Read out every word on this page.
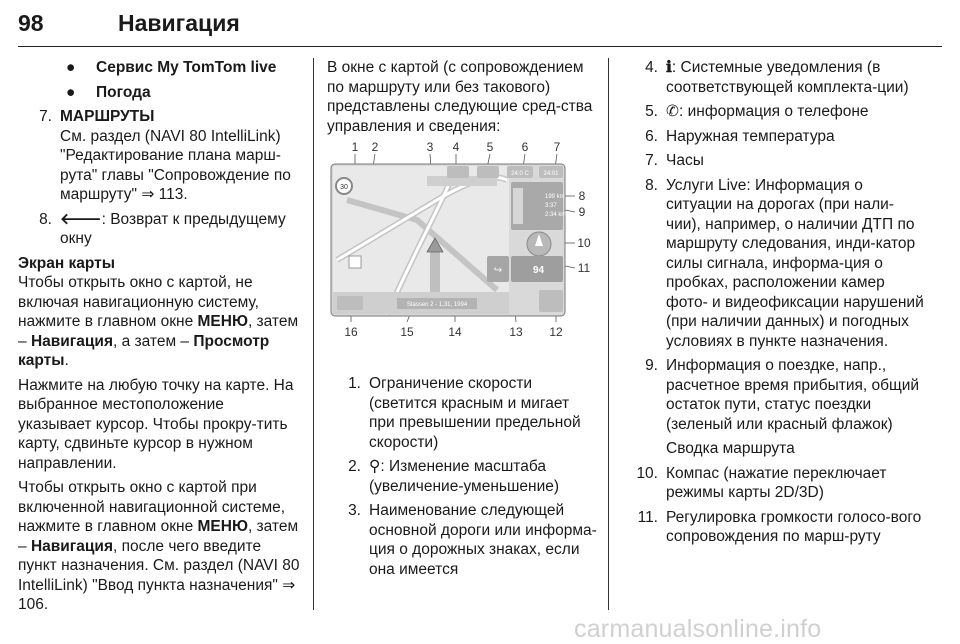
98	Навигация

● Сервис My TomTom live

● Погода

7. МАРШРУТЫ

См. раздел (NAVI 80 IntelliLink) "Редактирование плана марш-рута" главы "Сопровождение по маршруту" ⇒ 113.

8. 🡐: Возврат к предыдущему окну

Экран карты

Чтобы открыть окно с картой, не включая навигационную систему, нажмите в главном окне МЕНЮ, затем – Навигация, а затем – Просмотр карты.

Нажмите на любую точку на карте. На выбранное местоположение указывает курсор. Чтобы прокру-тить карту, сдвиньте курсор в нужном направлении.

Чтобы открыть окно с картой при включенной навигационной системе, нажмите в главном окне МЕНЮ, затем – Навигация, после чего введите пункт назначения. См. раздел (NAVI 80 IntelliLink) "Ввод пункта назначения" ⇒ 106.

В окне с картой (с сопровождением по маршруту или без такового) представлены следующие сред-ства управления и сведения:

30
24:0 C 24:01
199 km
3:37
2:34 km
94
↪
Stassen 2 - 1,31, 1994
1 2	3 4 5 6 7
8
9
10
11
16	15	14	13 12

1. Ограничение скорости (светится красным и мигает при превышении предельной скорости)

2. ⚲: Изменение масштаба (увеличение-уменьшение)

3. Наименование следующей основной дороги или информа-ция о дорожных знаках, если она имеется

4. ℹ: Системные уведомления (в соответствующей комплекта-ции)

5. ✆: информация о телефоне

6. Наружная температура

7. Часы

8. Услуги Live: Информация о ситуации на дорогах (при нали-чии), например, о наличии ДТП по маршруту следования, инди-катор силы сигнала, информа-ция о пробках, расположении камер фото- и видеофиксации нарушений (при наличии данных) и погодных условиях в пункте назначения.

9. Информация о поездке, напр., расчетное время прибытия, общий остаток пути, статус поездки (зеленый или красный флажок)

Сводка маршрута

10. Компас (нажатие переключает режимы карты 2D/3D)

11. Регулировка громкости голосо-вого сопровождения по марш-руту

carmanualsonline.info
